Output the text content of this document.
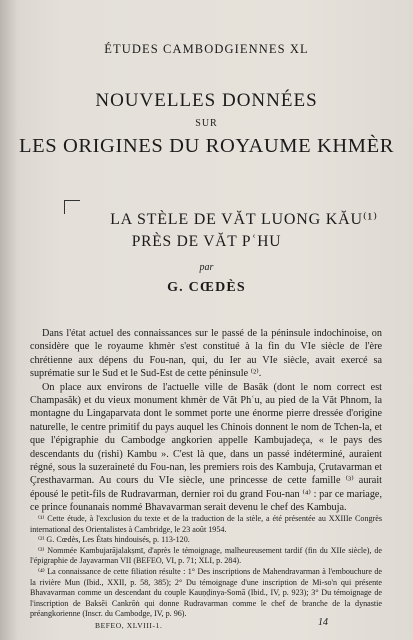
ÉTUDES CAMBODGIENNES XL
NOUVELLES DONNÉES
SUR
LES ORIGINES DU ROYAUME KHMÈR
LA STÈLE DE VĂT LUONG KĂU⁽¹⁾
PRÈS DE VĂT PʿHU
par
G. CŒDÈS

Dans l'état actuel des connaissances sur le passé de la péninsule indochinoise, on considère que le royaume khmèr s'est constitué à la fin du VIe siècle de l'ère chrétienne aux dépens du Fou-nan, qui, du Ier au VIe siècle, avait exercé sa suprématie sur le Sud et le Sud-Est de cette péninsule ⁽²⁾.

On place aux environs de l'actuelle ville de Basăk (dont le nom correct est Champasăk) et du vieux monument khmèr de Văt Phʿu, au pied de la Văt Phnom, la montagne du Lingaparvata dont le sommet porte une énorme pierre dressée d'origine naturelle, le centre primitif du pays auquel les Chinois donnent le nom de Tchen-la, et que l'épigraphie du Cambodge angkorien appelle Kambujadeça, « le pays des descendants du (rishi) Kambu ». C'est là que, dans un passé indéterminé, auraient régné, sous la suzeraineté du Fou-nan, les premiers rois des Kambuja, Çrutavarman et Çresthavarman. Au cours du VIe siècle, une princesse de cette famille ⁽³⁾ aurait épousé le petit-fils de Rudravarman, dernier roi du grand Fou-nan ⁽⁴⁾ : par ce mariage, ce prince founanais nommé Bhavavarman serait devenu le chef des Kambuja.

⁽¹⁾ Cette étude, à l'exclusion du texte et de la traduction de la stèle, a été présentée au XXIIIe Congrès international des Orientalistes à Cambridge, le 23 août 1954.

⁽²⁾ G. Cœdès, Les États hindouisés, p. 113-120.

⁽³⁾ Nommée Kambujarājalakṣmī, d'après le témoignage, malheureusement tardif (fin du XIIe siècle), de l'épigraphie de Jayavarman VII (BEFEO, VI, p. 71; XLI, p. 284).

⁽⁴⁾ La connaissance de cette filiation résulte : 1° Des inscriptions de Mahendravarman à l'embouchure de la rivière Mun (Ibid., XXII, p. 58, 385); 2° Du témoignage d'une inscription de Mi-so'n qui présente Bhavavarman comme un descendant du couple Kauṇḍinya-Somā (Ibid., IV, p. 923); 3° Du témoignage de l'inscription de Baksĕi Cankrŏṅ qui donne Rudravarman comme le chef de branche de la dynastie préangkorienne (Inscr. du Cambodge, IV, p. 96).

BEFEO, XLVIII-1.	14
